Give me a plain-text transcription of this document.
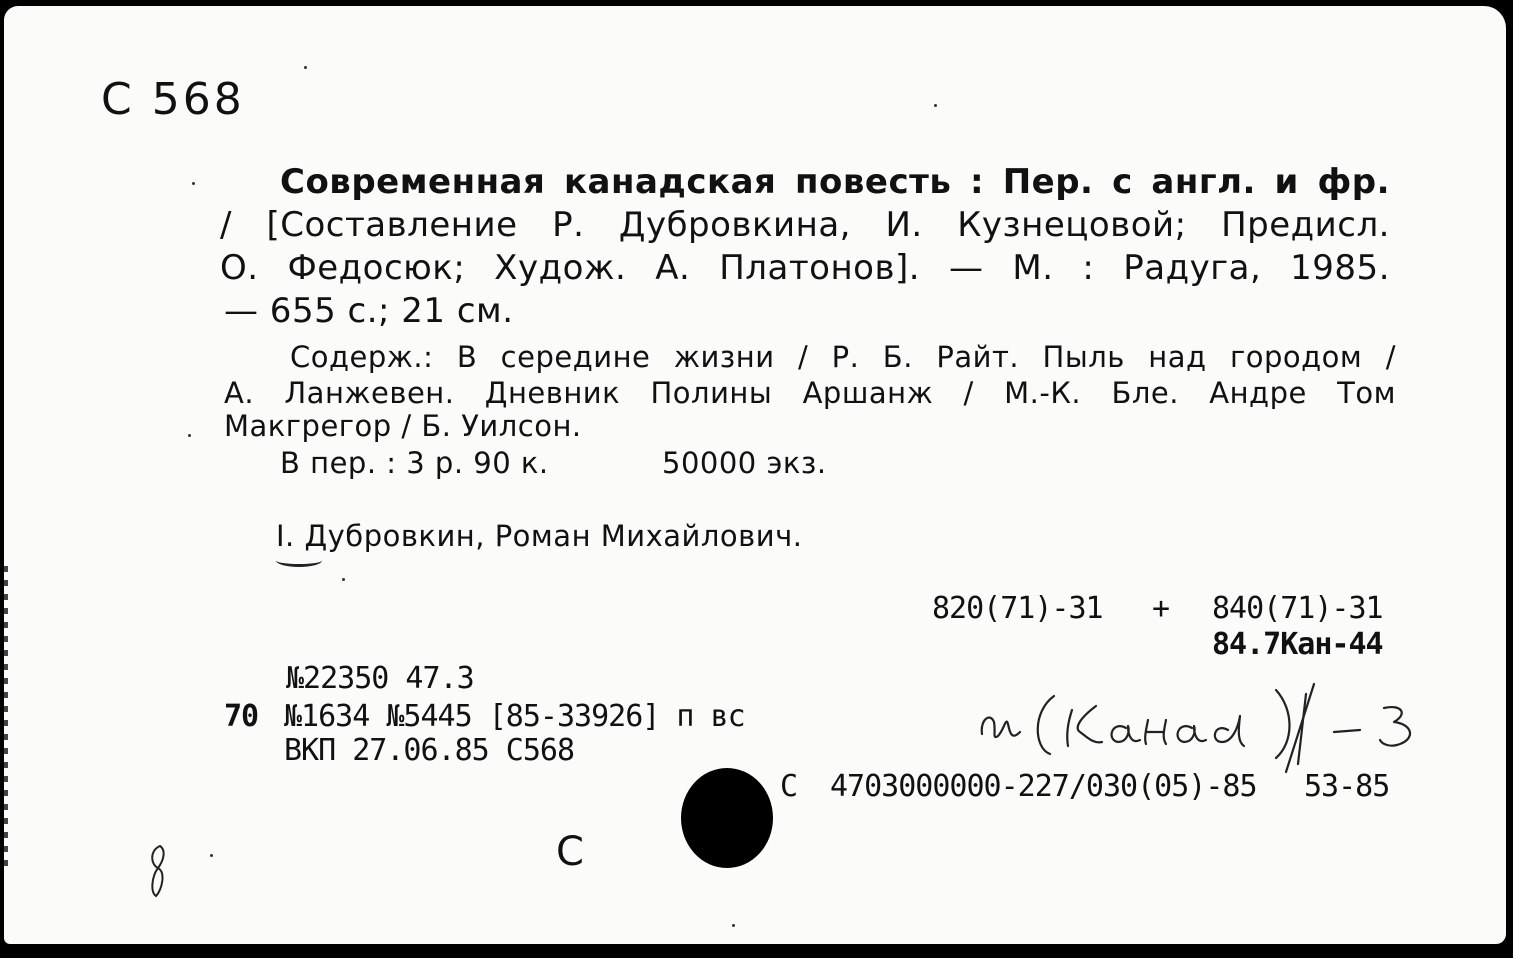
С 568
Современная канадская повесть : Пер. с англ. и фр.
/ [Составление Р. Дубровкина, И. Кузнецовой; Предисл.
О. Федосюк; Худож. А. Платонов]. — М. : Радуга, 1985.
— 655 с.; 21 см.
Содерж.: В середине жизни / Р. Б. Райт. Пыль над городом /
А. Ланжевен. Дневник Полины Аршанж / М.-К. Бле. Андре Том
Макгрегор / Б. Уилсон.
В пер. : 3 р. 90 к.	50000 экз.
I. Дубровкин, Роман Михайлович.
820(71)-31 + 840(71)-31
84.7Кан-44
№22350 47.3
70 №1634 №5445 [85-33926] п вс
ВКП 27.06.85 С568
С 4703000000-227/030(05)-85 53-85
С
